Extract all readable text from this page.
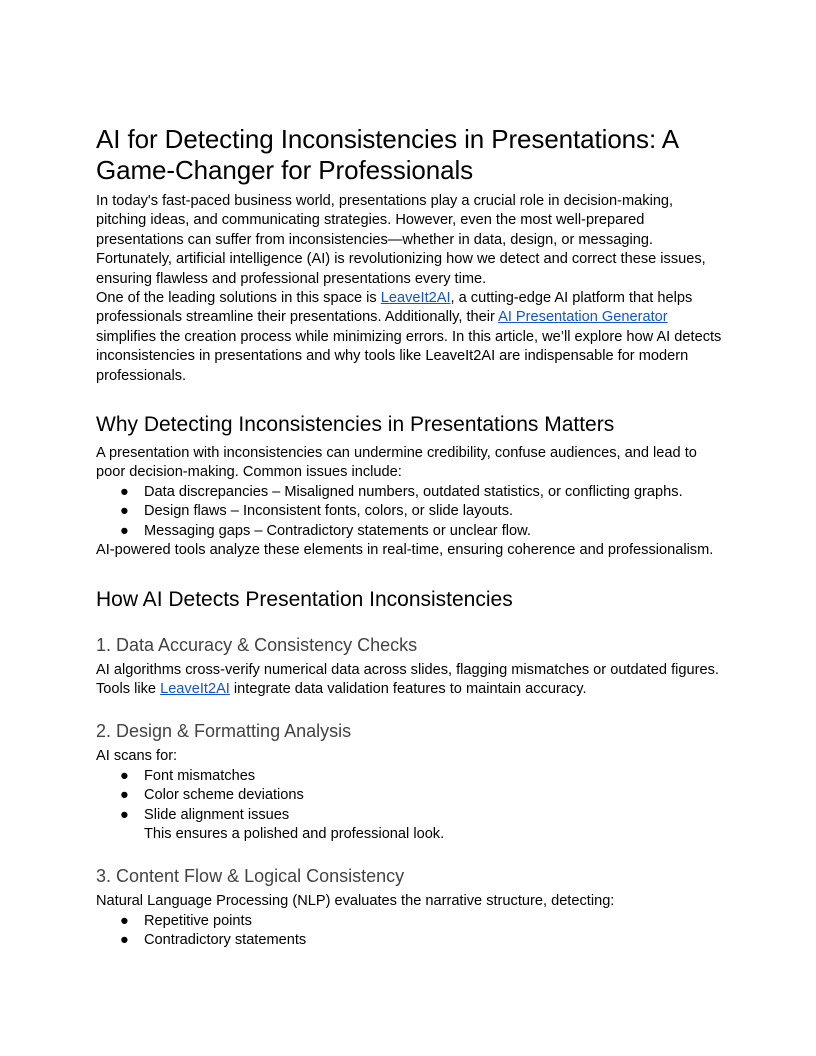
AI for Detecting Inconsistencies in Presentations: A Game-Changer for Professionals

In today's fast-paced business world, presentations play a crucial role in decision-making, pitching ideas, and communicating strategies. However, even the most well-prepared presentations can suffer from inconsistencies—whether in data, design, or messaging. Fortunately, artificial intelligence (AI) is revolutionizing how we detect and correct these issues, ensuring flawless and professional presentations every time.

One of the leading solutions in this space is LeaveIt2AI, a cutting-edge AI platform that helps professionals streamline their presentations. Additionally, their AI Presentation Generator simplifies the creation process while minimizing errors. In this article, we’ll explore how AI detects inconsistencies in presentations and why tools like LeaveIt2AI are indispensable for modern professionals.

Why Detecting Inconsistencies in Presentations Matters

A presentation with inconsistencies can undermine credibility, confuse audiences, and lead to poor decision-making. Common issues include:

● Data discrepancies – Misaligned numbers, outdated statistics, or conflicting graphs.
● Design flaws – Inconsistent fonts, colors, or slide layouts.
● Messaging gaps – Contradictory statements or unclear flow.

AI-powered tools analyze these elements in real-time, ensuring coherence and professionalism.

How AI Detects Presentation Inconsistencies
1. Data Accuracy & Consistency Checks

AI algorithms cross-verify numerical data across slides, flagging mismatches or outdated figures. Tools like LeaveIt2AI integrate data validation features to maintain accuracy.

2. Design & Formatting Analysis

AI scans for:

● Font mismatches
● Color scheme deviations
● Slide alignment issues
This ensures a polished and professional look.
3. Content Flow & Logical Consistency

Natural Language Processing (NLP) evaluates the narrative structure, detecting:

● Repetitive points
● Contradictory statements
